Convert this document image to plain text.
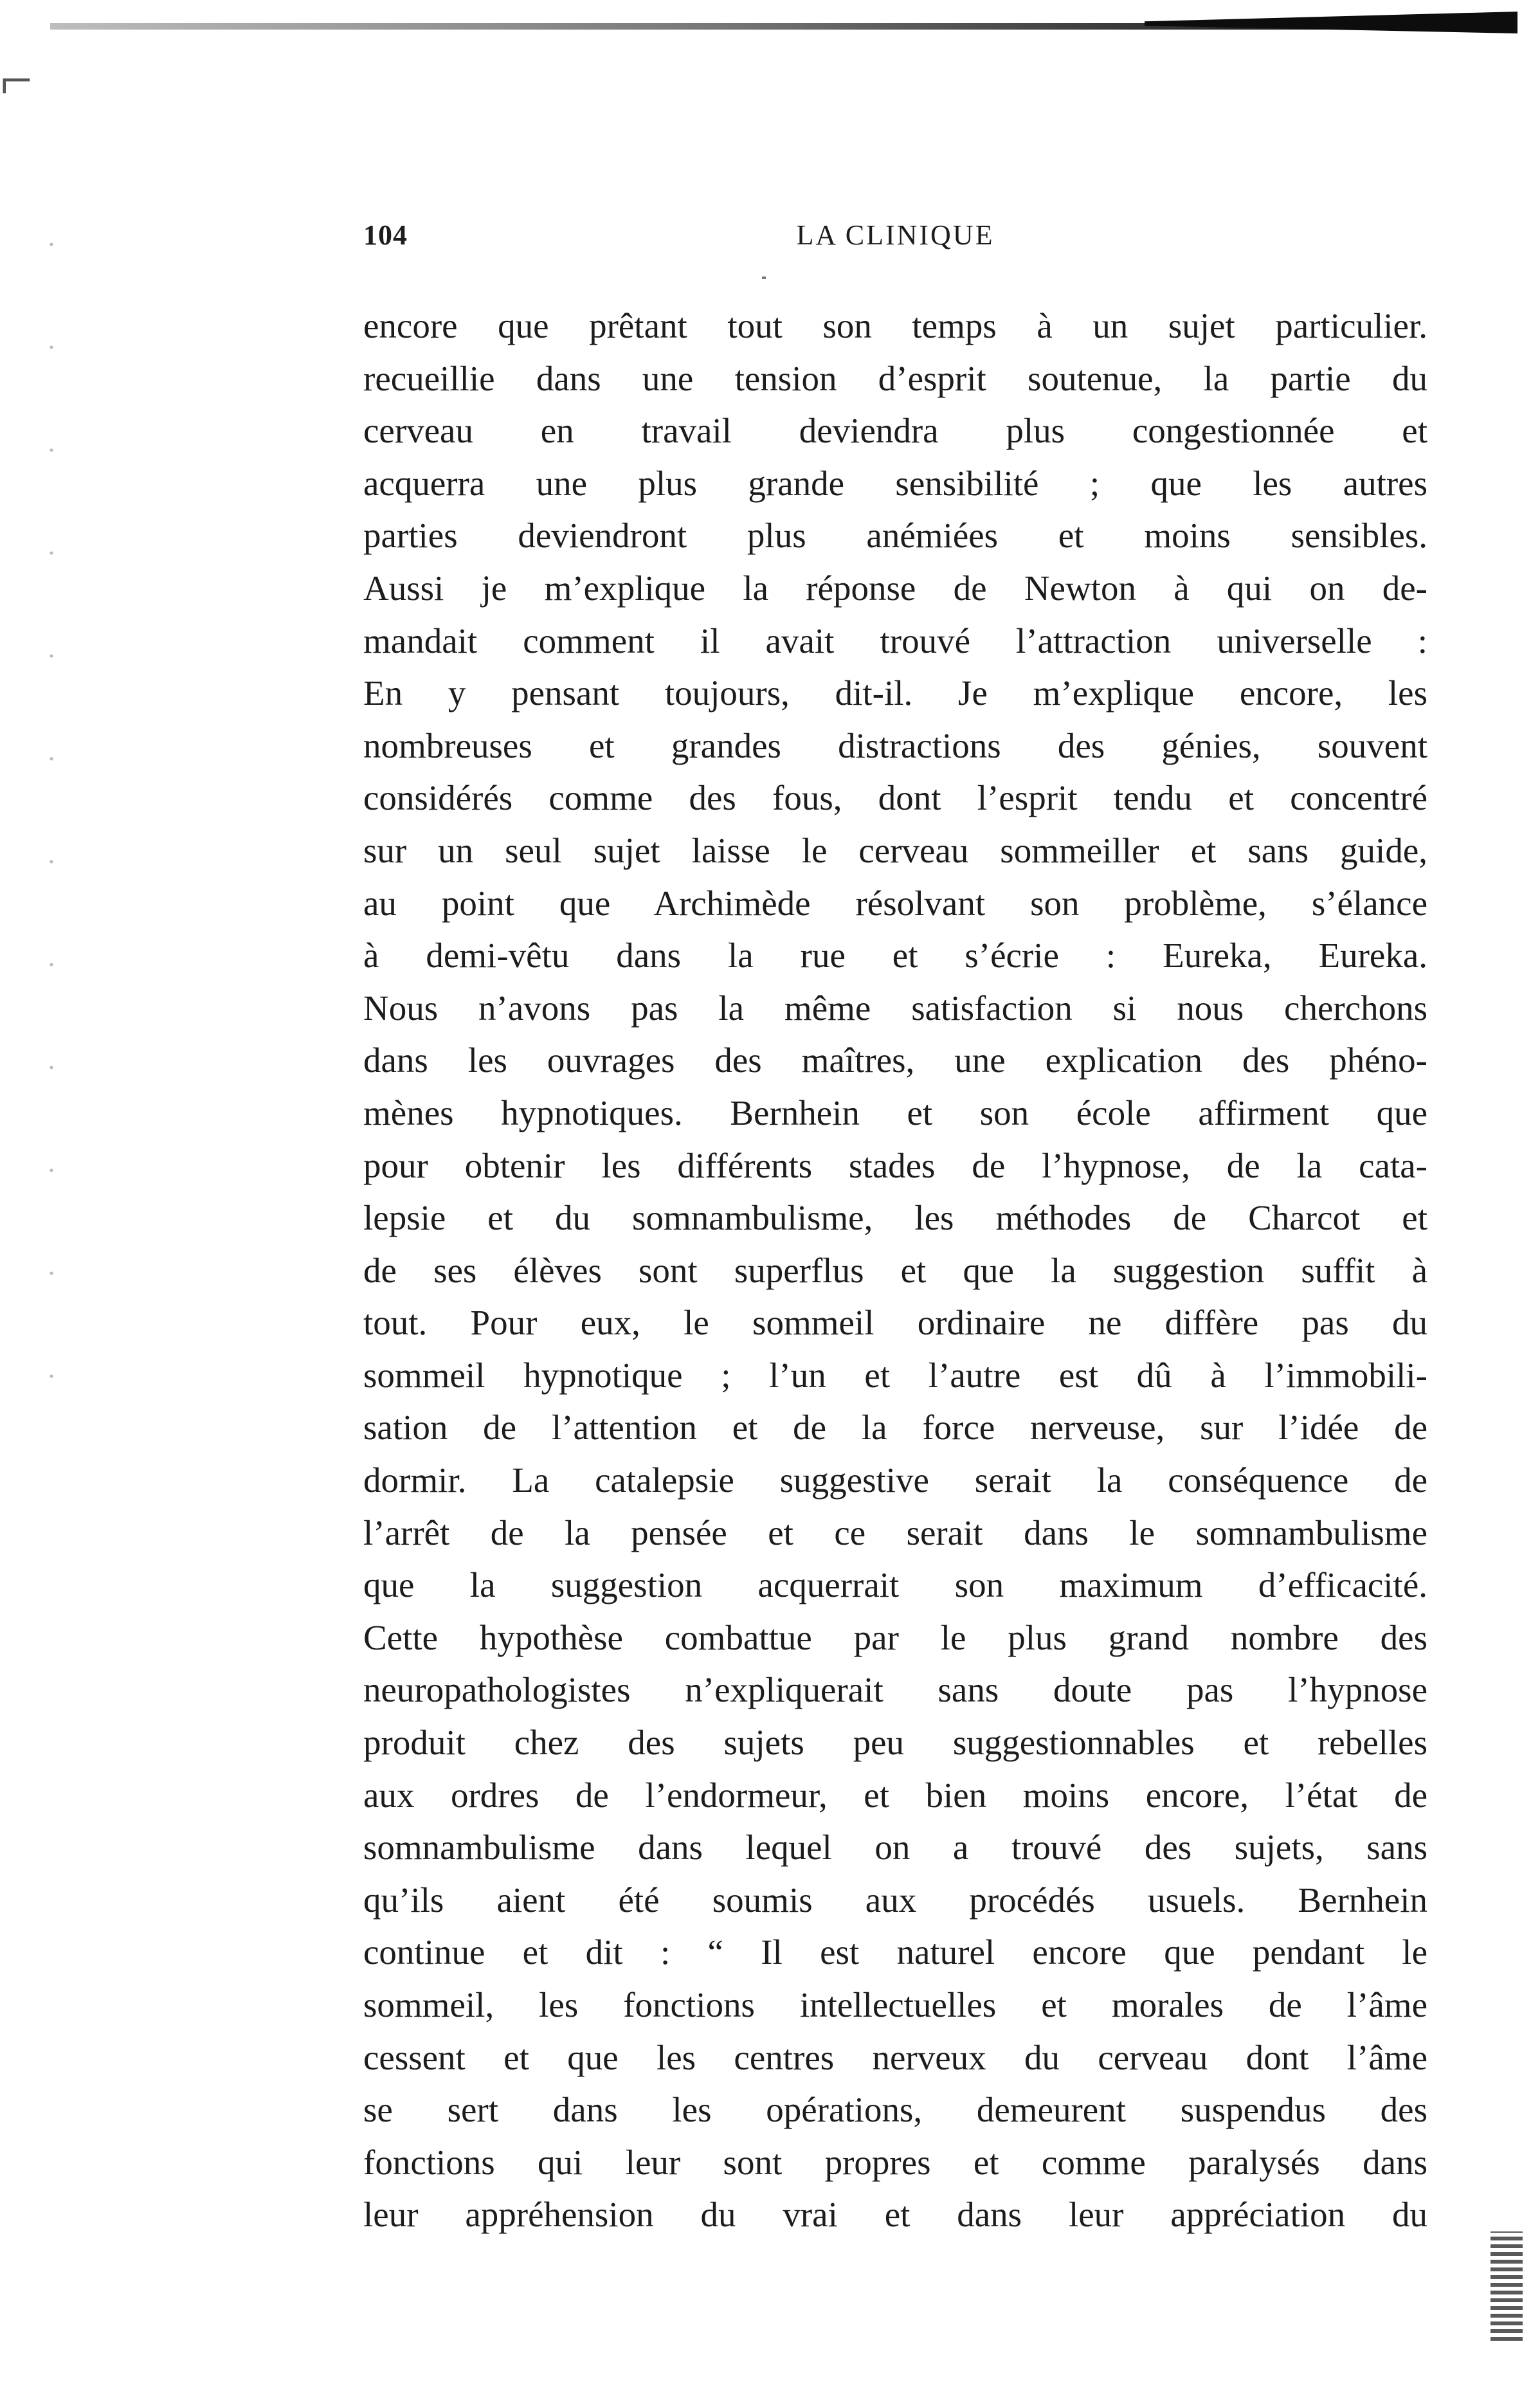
⌐
104	LA CLINIQUE
encore que prêtant tout son temps à un sujet particulier.
recueillie dans une tension d’esprit soutenue, la partie du
cerveau en travail deviendra plus congestionnée et
acquerra une plus grande sensibilité ; que les autres
parties deviendront plus anémiées et moins sensibles.
Aussi je m’explique la réponse de Newton à qui on de-
mandait comment il avait trouvé l’attraction universelle :
En y pensant toujours, dit-il. Je m’explique encore, les
nombreuses et grandes distractions des génies, souvent
considérés comme des fous, dont l’esprit tendu et concentré
sur un seul sujet laisse le cerveau sommeiller et sans guide,
au point que Archimède résolvant son problème, s’élance
à demi-vêtu dans la rue et s’écrie : Eureka, Eureka.
Nous n’avons pas la même satisfaction si nous cherchons
dans les ouvrages des maîtres, une explication des phéno-
mènes hypnotiques. Bernhein et son école affirment que
pour obtenir les différents stades de l’hypnose, de la cata-
lepsie et du somnambulisme, les méthodes de Charcot et
de ses élèves sont superflus et que la suggestion suffit à
tout. Pour eux, le sommeil ordinaire ne diffère pas du
sommeil hypnotique ; l’un et l’autre est dû à l’immobili-
sation de l’attention et de la force nerveuse, sur l’idée de
dormir. La catalepsie suggestive serait la conséquence de
l’arrêt de la pensée et ce serait dans le somnambulisme
que la suggestion acquerrait son maximum d’efficacité.
Cette hypothèse combattue par le plus grand nombre des
neuropathologistes n’expliquerait sans doute pas l’hypnose
produit chez des sujets peu suggestionnables et rebelles
aux ordres de l’endormeur, et bien moins encore, l’état de
somnambulisme dans lequel on a trouvé des sujets, sans
qu’ils aient été soumis aux procédés usuels. Bernhein
continue et dit : “ Il est naturel encore que pendant le
sommeil, les fonctions intellectuelles et morales de l’âme
cessent et que les centres nerveux du cerveau dont l’âme
se sert dans les opérations, demeurent suspendus des
fonctions qui leur sont propres et comme paralysés dans
leur appréhension du vrai et dans leur appréciation du
